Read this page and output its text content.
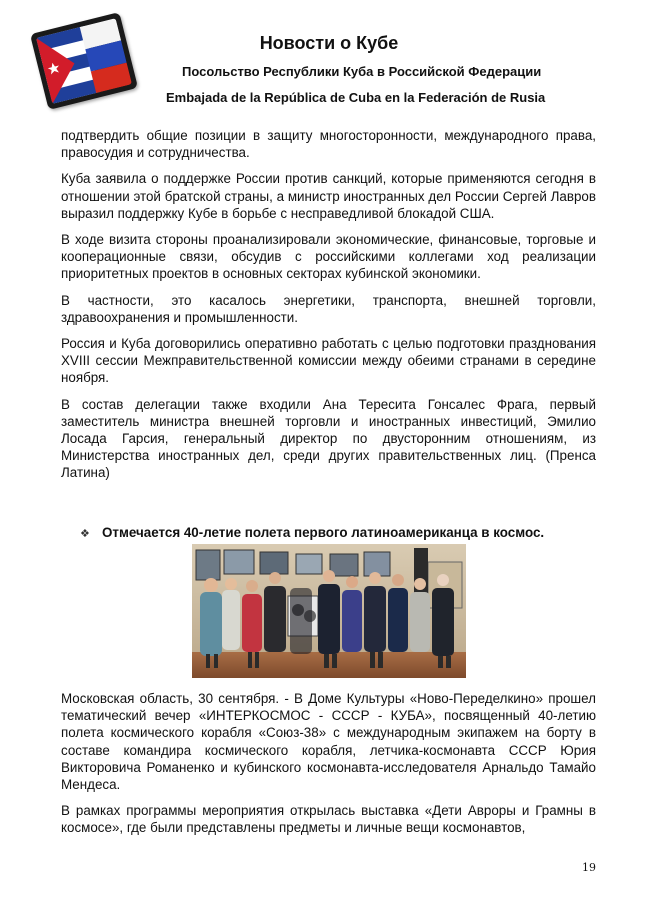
Новости о Кубе
Посольство Республики Куба в Российской Федерации
Embajada de la República de Cuba en la Federación de Rusia

подтвердить общие позиции в защиту многосторонности, международного права, правосудия и сотрудничества.

Куба заявила о поддержке России против санкций, которые применяются сегодня в отношении этой братской страны, а министр иностранных дел России Сергей Лавров выразил поддержку Кубе в борьбе с несправедливой блокадой США.

В ходе визита стороны проанализировали экономические, финансовые, торговые и кооперационные связи, обсудив с российскими коллегами ход реализации приоритетных проектов в основных секторах кубинской экономики.

В частности, это касалось энергетики, транспорта, внешней торговли, здравоохранения и промышленности.

Россия и Куба договорились оперативно работать с целью подготовки празднования XVIII сессии Межправительственной комиссии между обеими странами в середине ноября.

В состав делегации также входили Ана Тереcита Гонсалес Фрага, первый заместитель министра внешней торговли и иностранных инвестиций, Эмилио Лосада Гарсия, генеральный директор по двусторонним отношениям, из Министерства иностранных дел, среди других правительственных лиц. (Пренса Латина)

❖ Отмечается 40-летие полета первого латиноамериканца в космос.

Московская область, 30 сентября. - В Доме Культуры «Ново-Переделкино» прошел тематический вечер «ИНТЕРКОСМОС - СССР - КУБА», посвященный 40-летию полета космического корабля «Союз-38» с международным экипажем на борту в составе командира космического корабля, летчика-космонавта СССР Юрия Викторовича Романенко и кубинского космонавта-исследователя Арнальдо Тамайо Мендеса.

В рамках программы мероприятия открылась выставка «Дети Авроры и Грамны в космосе», где были представлены предметы и личные вещи космонавтов,

19
